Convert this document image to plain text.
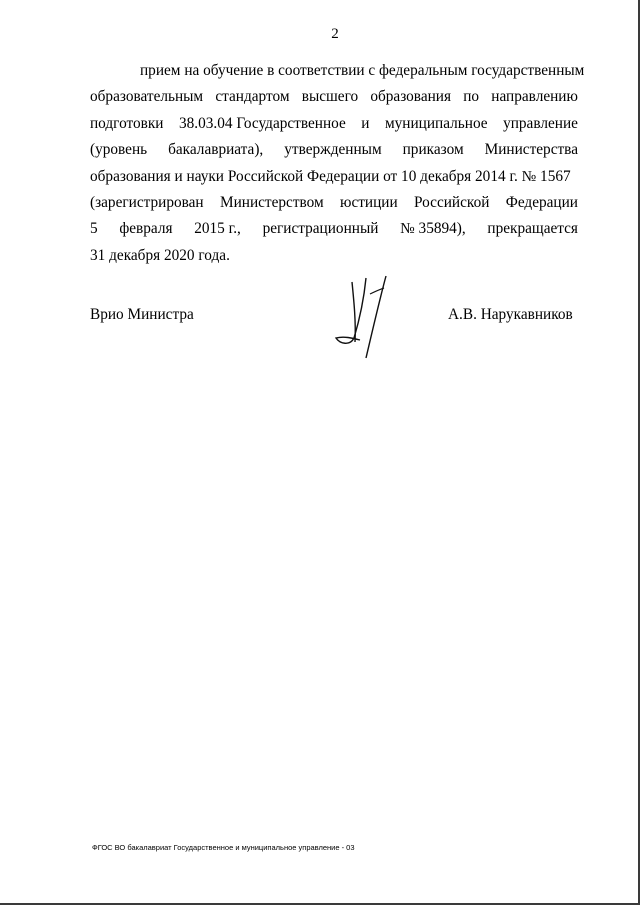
2
прием на обучение в соответствии с федеральным государственным
образовательным стандартом высшего образования по направлению
подготовки 38.03.04 Государственное и муниципальное управление
(уровень бакалавриата), утвержденным приказом Министерства
образования и науки Российской Федерации от 10 декабря 2014 г. № 1567
(зарегистрирован Министерством юстиции Российской Федерации
5 февраля 2015 г., регистрационный № 35894), прекращается
31 декабря 2020 года.
Врио Министра	А.В. Нарукавников
ФГОС ВО бакалавриат Государственное и муниципальное управление - 03
